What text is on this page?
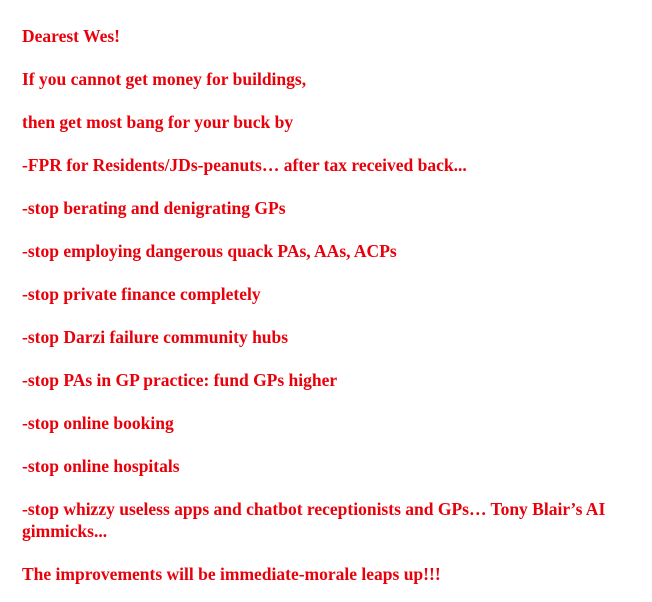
Dearest Wes!

If you cannot get money for buildings,

then get most bang for your buck by

-FPR for Residents/JDs-peanuts… after tax received back...

-stop berating and denigrating GPs

-stop employing dangerous quack PAs, AAs, ACPs

-stop private finance completely

-stop Darzi failure community hubs

-stop PAs in GP practice: fund GPs higher

-stop online booking

-stop online hospitals

-stop whizzy useless apps and chatbot receptionists and GPs… Tony Blair’s AI gimmicks...

The improvements will be immediate-morale leaps up!!!
